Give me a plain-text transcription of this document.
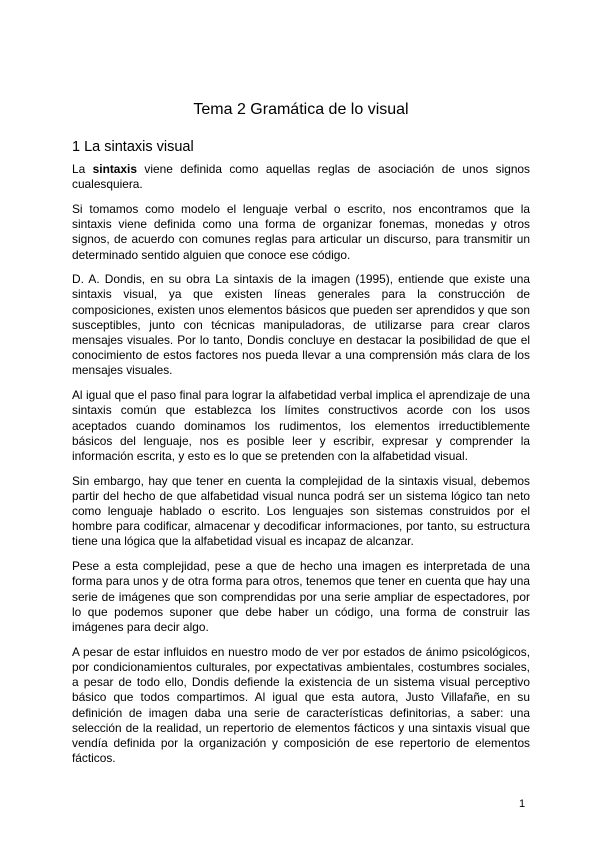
Tema 2 Gramática de lo visual
1 La sintaxis visual

La sintaxis viene definida como aquellas reglas de asociación de unos signos cualesquiera.

Si tomamos como modelo el lenguaje verbal o escrito, nos encontramos que la sintaxis viene definida como una forma de organizar fonemas, monedas y otros signos, de acuerdo con comunes reglas para articular un discurso, para transmitir un determinado sentido alguien que conoce ese código.

D. A. Dondis, en su obra La sintaxis de la imagen (1995), entiende que existe una sintaxis visual, ya que existen líneas generales para la construcción de composiciones, existen unos elementos básicos que pueden ser aprendidos y que son susceptibles, junto con técnicas manipuladoras, de utilizarse para crear claros mensajes visuales. Por lo tanto, Dondis concluye en destacar la posibilidad de que el conocimiento de estos factores nos pueda llevar a una comprensión más clara de los mensajes visuales.

Al igual que el paso final para lograr la alfabetidad verbal implica el aprendizaje de una sintaxis común que establezca los límites constructivos acorde con los usos aceptados cuando dominamos los rudimentos, los elementos irreductiblemente básicos del lenguaje, nos es posible leer y escribir, expresar y comprender la información escrita, y esto es lo que se pretenden con la alfabetidad visual.

Sin embargo, hay que tener en cuenta la complejidad de la sintaxis visual, debemos partir del hecho de que alfabetidad visual nunca podrá ser un sistema lógico tan neto como lenguaje hablado o escrito. Los lenguajes son sistemas construidos por el hombre para codificar, almacenar y decodificar informaciones, por tanto, su estructura tiene una lógica que la alfabetidad visual es incapaz de alcanzar.

Pese a esta complejidad, pese a que de hecho una imagen es interpretada de una forma para unos y de otra forma para otros, tenemos que tener en cuenta que hay una serie de imágenes que son comprendidas por una serie ampliar de espectadores, por lo que podemos suponer que debe haber un código, una forma de construir las imágenes para decir algo.

A pesar de estar influidos en nuestro modo de ver por estados de ánimo psicológicos, por condicionamientos culturales, por expectativas ambientales, costumbres sociales, a pesar de todo ello, Dondis defiende la existencia de un sistema visual perceptivo básico que todos compartimos. Al igual que esta autora, Justo Villafañe, en su definición de imagen daba una serie de características definitorias, a saber: una selección de la realidad, un repertorio de elementos fácticos y una sintaxis visual que vendía definida por la organización y composición de ese repertorio de elementos fácticos.

1
